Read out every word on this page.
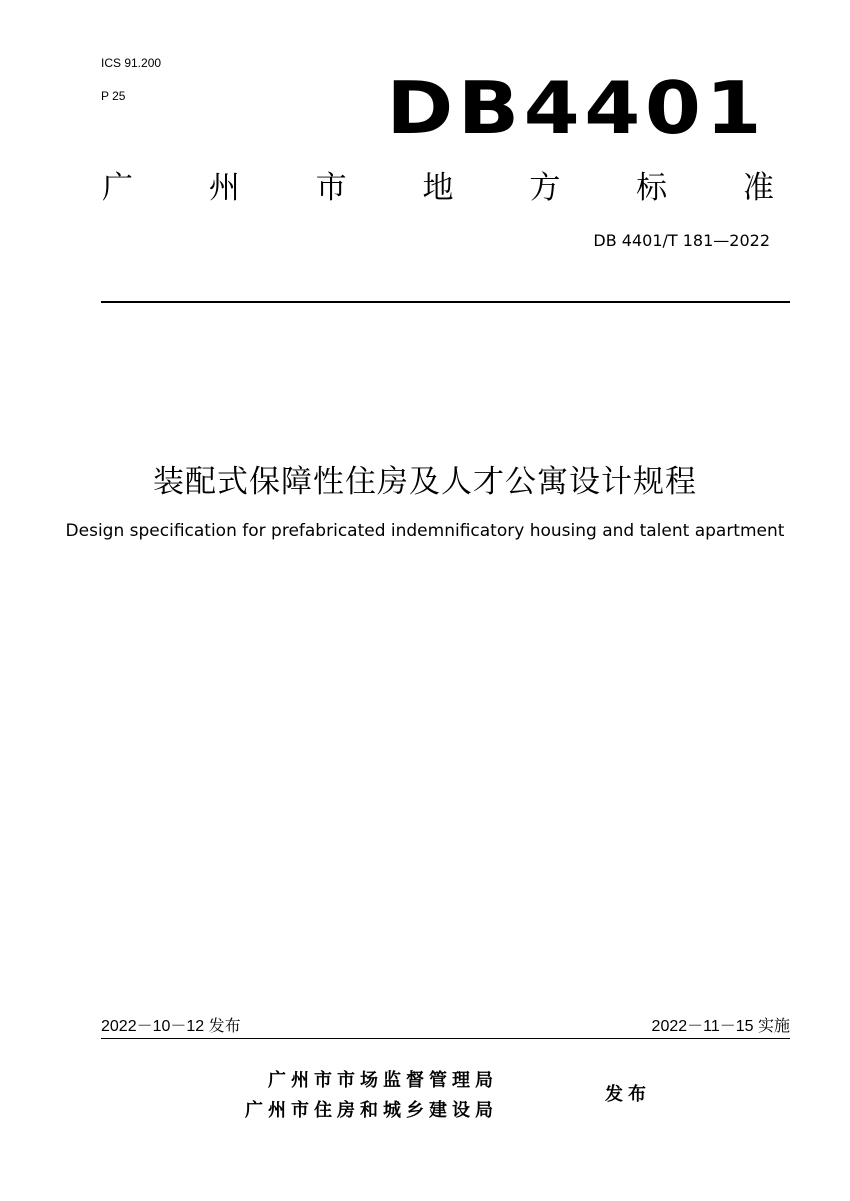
ICS 91.200
P 25	DB4401
广 州 市 地 方 标 准
DB 4401/T 181—2022
装配式保障性住房及人才公寓设计规程
Design specification for prefabricated indemnificatory housing and talent apartment
2022－10－12 发布	2022－11－15 实施
广州市市场监督管理局
广州市住房和城乡建设局
发布
